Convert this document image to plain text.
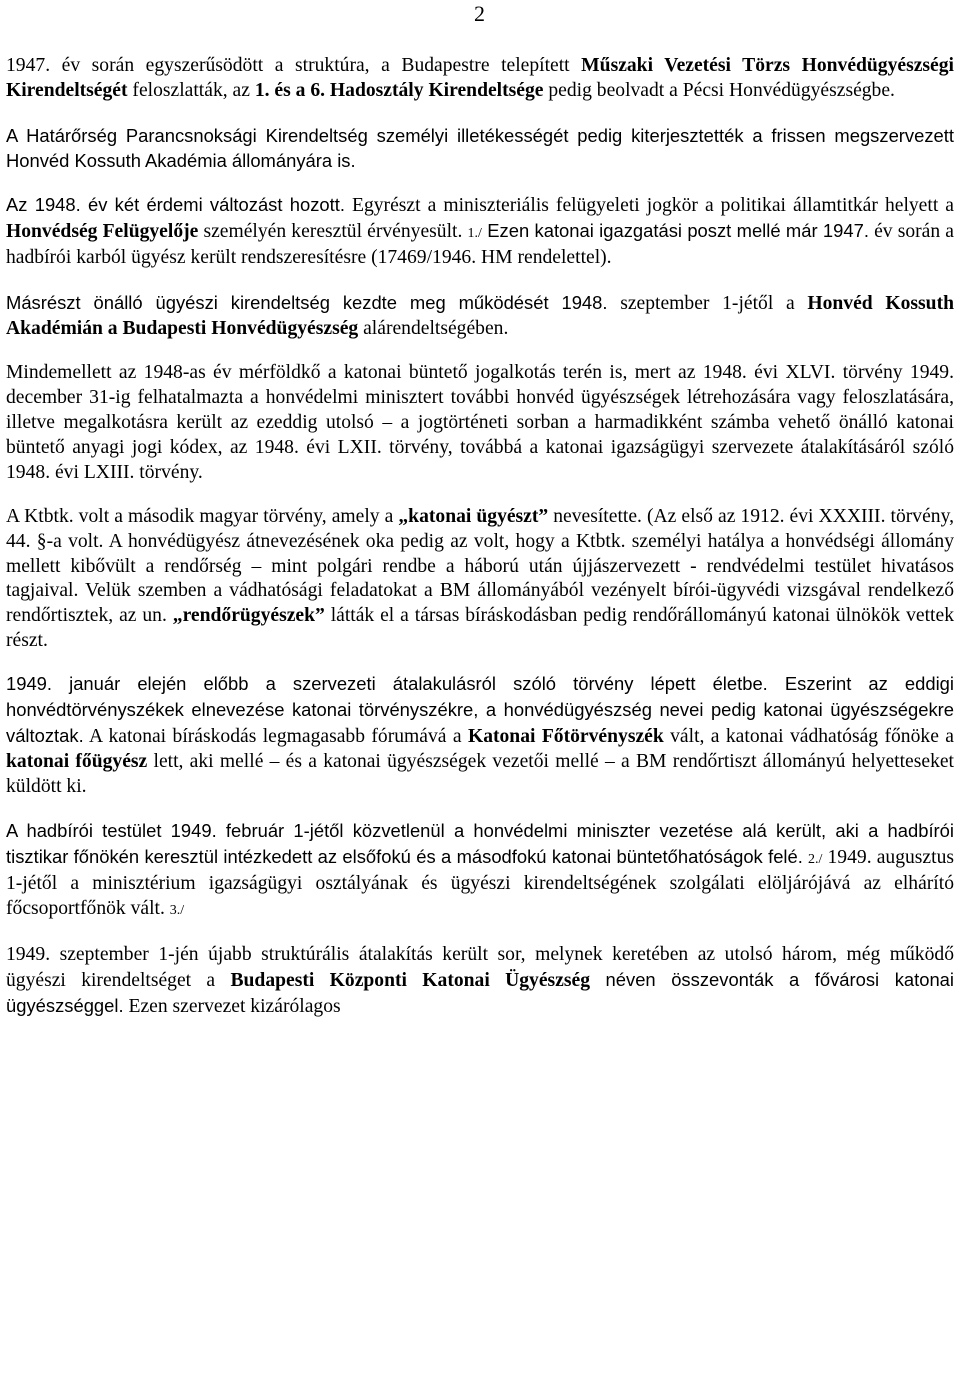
2

1947. év során egyszerűsödött a struktúra, a Budapestre telepített Műszaki Vezetési Törzs Honvédügyészségi Kirendeltségét feloszlatták, az 1. és a 6. Hadosztály Kirendeltsége pedig beolvadt a Pécsi Honvédügyészségbe.

A Határőrség Parancsnoksági Kirendeltség személyi illetékességét pedig kiterjesztették a frissen megszervezett Honvéd Kossuth Akadémia állományára is.

Az 1948. év két érdemi változást hozott. Egyrészt a miniszteriális felügyeleti jogkör a politikai államtitkár helyett a Honvédség Felügyelője személyén keresztül érvényesült. 1./ Ezen katonai igazgatási poszt mellé már 1947. év során a hadbírói karból ügyész került rendszeresítésre (17469/1946. HM rendelettel).

Másrészt önálló ügyészi kirendeltség kezdte meg működését 1948. szeptember 1-jétől a Honvéd Kossuth Akadémián a Budapesti Honvédügyészség alárendeltségében.

Mindemellett az 1948-as év mérföldkő a katonai büntető jogalkotás terén is, mert az 1948. évi XLVI. törvény 1949. december 31-ig felhatalmazta a honvédelmi minisztert további honvéd ügyészségek létrehozására vagy feloszlatására, illetve megalkotásra került az ezeddig utolsó – a jogtörténeti sorban a harmadikként számba vehető önálló katonai büntető anyagi jogi kódex, az 1948. évi LXII. törvény, továbbá a katonai igazságügyi szervezete átalakításáról szóló 1948. évi LXIII. törvény.

A Ktbtk. volt a második magyar törvény, amely a „katonai ügyészt” nevesítette. (Az első az 1912. évi XXXIII. törvény, 44. §-a volt. A honvédügyész átnevezésének oka pedig az volt, hogy a Ktbtk. személyi hatálya a honvédségi állomány mellett kibővült a rendőrség – mint polgári rendbe a háború után újjászervezett - rendvédelmi testület hivatásos tagjaival. Velük szemben a vádhatósági feladatokat a BM állományából vezényelt bírói-ügyvédi vizsgával rendelkező rendőrtisztek, az un. „rendőrügyészek” látták el a társas bíráskodásban pedig rendőrállományú katonai ülnökök vettek részt.

1949. január elején előbb a szervezeti átalakulásról szóló törvény lépett életbe. Eszerint az eddigi honvédtörvényszékek elnevezése katonai törvényszékre, a honvédügyészség nevei pedig katonai ügyészségekre változtak. A katonai bíráskodás legmagasabb fórumává a Katonai Főtörvényszék vált, a katonai vádhatóság főnöke a katonai főügyész lett, aki mellé – és a katonai ügyészségek vezetői mellé – a BM rendőrtiszt állományú helyetteseket küldött ki.

A hadbírói testület 1949. február 1-jétől közvetlenül a honvédelmi miniszter vezetése alá került, aki a hadbírói tisztikar főnökén keresztül intézkedett az elsőfokú és a másodfokú katonai büntetőhatóságok felé. 2./ 1949. augusztus 1-jétől a minisztérium igazságügyi osztályának és ügyészi kirendeltségének szolgálati elöljárójává az elhárító főcsoportfőnök vált. 3./

1949. szeptember 1-jén újabb struktúrális átalakítás került sor, melynek keretében az utolsó három, még működő ügyészi kirendeltséget a Budapesti Központi Katonai Ügyészség néven összevonták a fővárosi katonai ügyészséggel. Ezen szervezet kizárólagos
